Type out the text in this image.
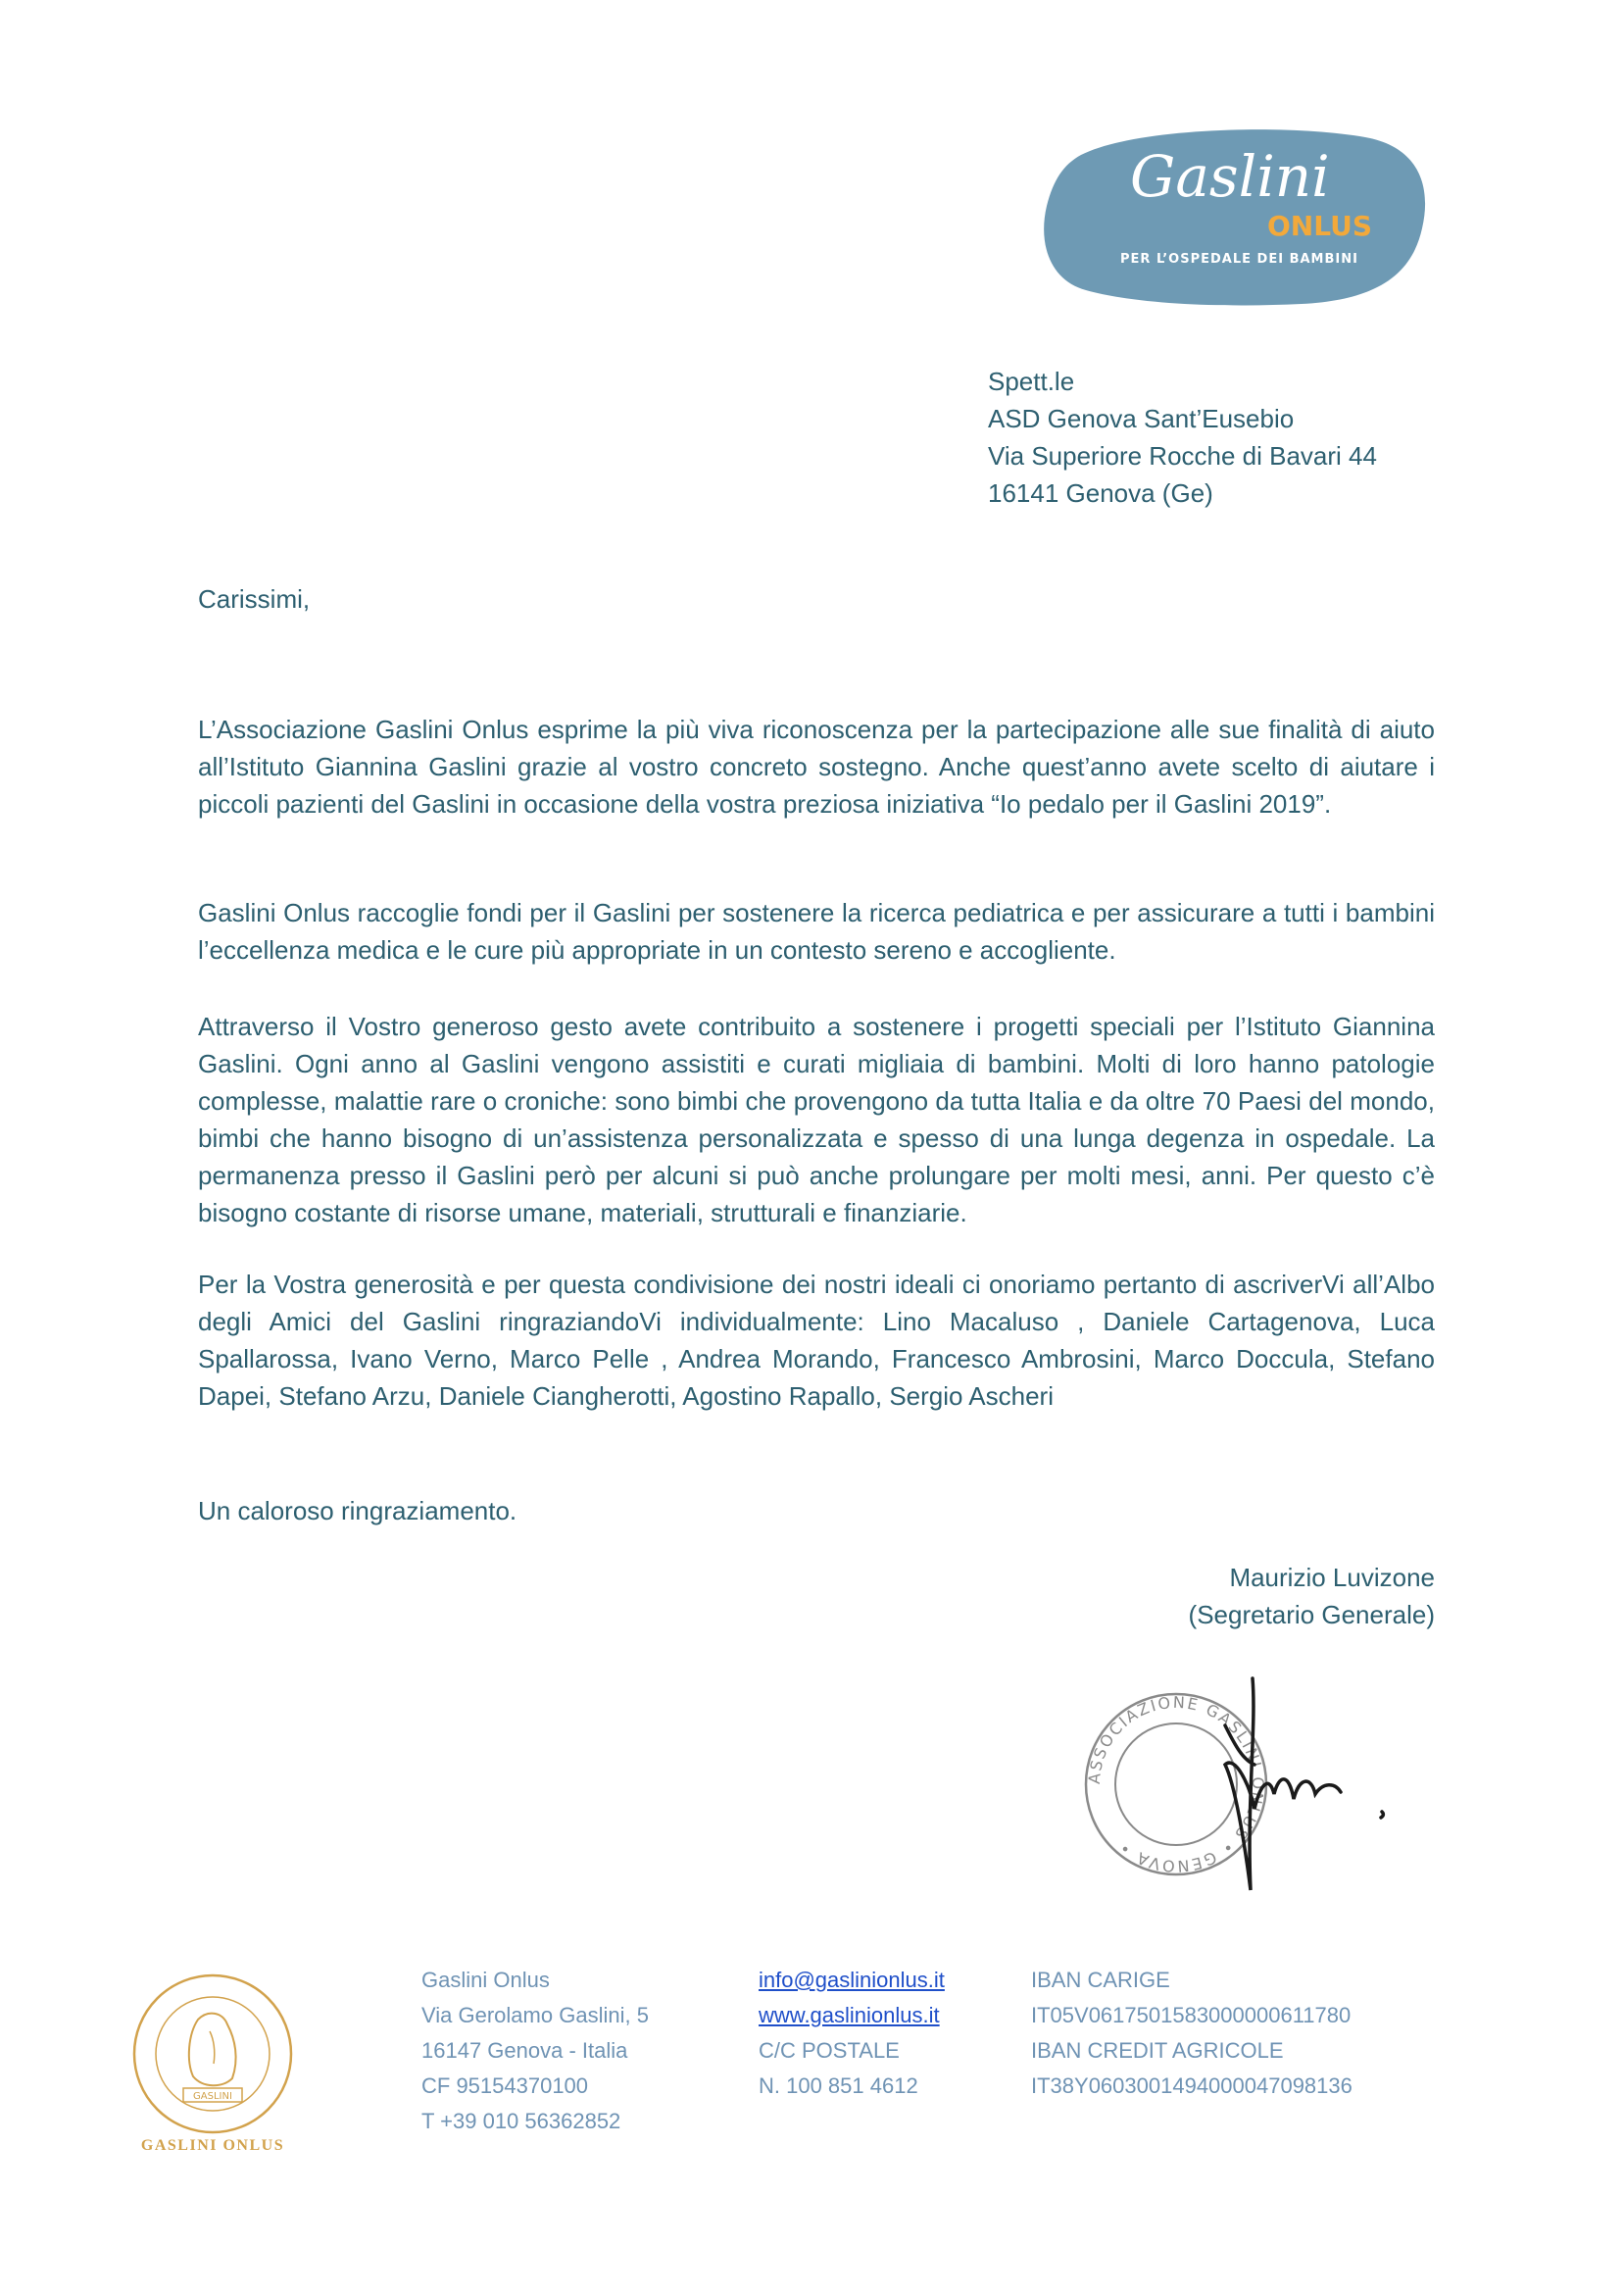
Gaslini
ONLUS
PER L’OSPEDALE DEI BAMBINI
Spett.le
ASD Genova Sant’Eusebio
Via Superiore Rocche di Bavari 44
16141 Genova (Ge)
Carissimi,
L’Associazione Gaslini Onlus esprime la più viva riconoscenza per la partecipazione alle sue finalità di aiuto all’Istituto Giannina Gaslini grazie al vostro concreto sostegno. Anche quest’anno avete scelto di aiutare i piccoli pazienti del Gaslini in occasione della vostra preziosa iniziativa “Io pedalo per il Gaslini 2019”.
Gaslini Onlus raccoglie fondi per il Gaslini per sostenere la ricerca pediatrica e per assicurare a tutti i bambini l’eccellenza medica e le cure più appropriate in un contesto sereno e accogliente.
Attraverso il Vostro generoso gesto avete contribuito a sostenere i progetti speciali per l’Istituto Giannina Gaslini. Ogni anno al Gaslini vengono assistiti e curati migliaia di bambini. Molti di loro hanno patologie complesse, malattie rare o croniche: sono bimbi che provengono da tutta Italia e da oltre 70 Paesi del mondo, bimbi che hanno bisogno di un’assistenza personalizzata e spesso di una lunga degenza in ospedale. La permanenza presso il Gaslini però per alcuni si può anche prolungare per molti mesi, anni. Per questo c’è bisogno costante di risorse umane, materiali, strutturali e finanziarie.
Per la Vostra generosità e per questa condivisione dei nostri ideali ci onoriamo pertanto di ascriverVi all’Albo degli Amici del Gaslini ringraziandoVi individualmente: Lino Macaluso , Daniele Cartagenova, Luca Spallarossa, Ivano Verno, Marco Pelle , Andrea Morando, Francesco Ambrosini, Marco Doccula, Stefano Dapei, Stefano Arzu, Daniele Ciangherotti, Agostino Rapallo, Sergio Ascheri
Un caloroso ringraziamento.
Maurizio Luvizone
(Segretario Generale)
ASSOCIAZIONE GASLINI ONLUS • GENOVA •
GASLINI
GASLINI ONLUS
Gaslini Onlus
Via Gerolamo Gaslini, 5
16147 Genova - Italia
CF 95154370100
T +39 010 56362852
info@gaslinionlus.it
www.gaslinionlus.it
C/C POSTALE
N. 100 851 4612
IBAN CARIGE
IT05V0617501583000000611780
IBAN CREDIT AGRICOLE
IT38Y0603001494000047098136
